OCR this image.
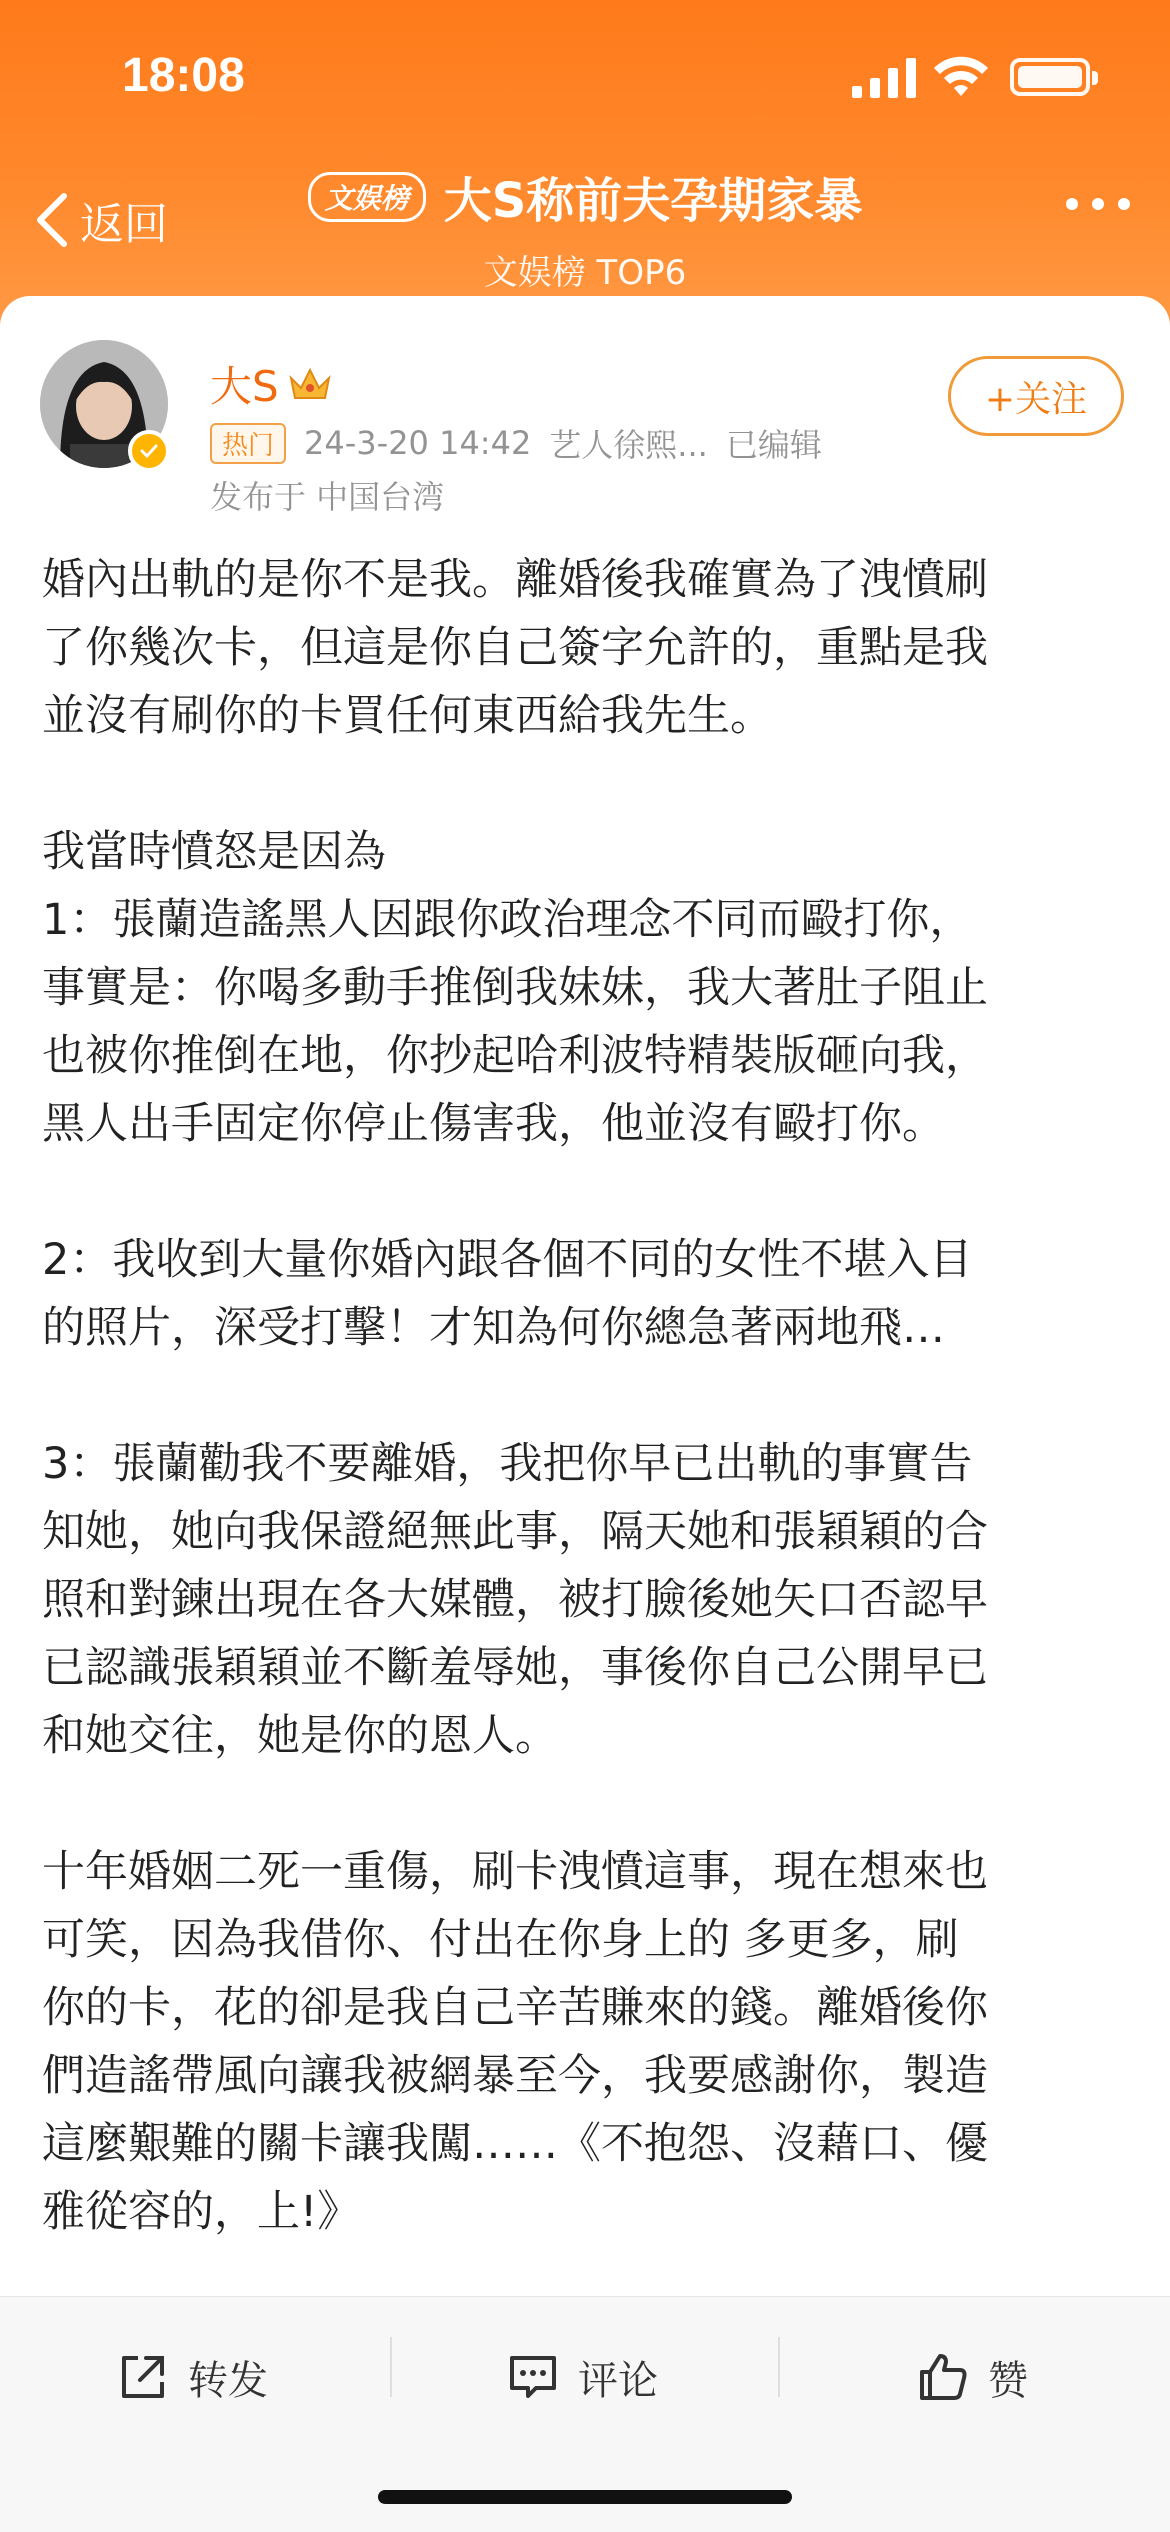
18:08
返回
文娱榜 大S称前夫孕期家暴
文娱榜 TOP6
大S
热门 24-3-20 14:42 艺人徐熙... 已编辑
发布于 中国台湾
+关注
婚內出軌的是你不是我。離婚後我確實為了洩憤刷
了你幾次卡，但這是你自己簽字允許的，重點是我
並沒有刷你的卡買任何東西給我先生。
我當時憤怒是因為
1：張蘭造謠黑人因跟你政治理念不同而毆打你，
事實是：你喝多動手推倒我妹妹，我大著肚子阻止
也被你推倒在地，你抄起哈利波特精裝版砸向我，
黑人出手固定你停止傷害我，他並沒有毆打你。
2：我收到大量你婚內跟各個不同的女性不堪入目
的照片，深受打擊！才知為何你總急著兩地飛…
3：張蘭勸我不要離婚，我把你早已出軌的事實告
知她，她向我保證絕無此事，隔天她和張穎穎的合
照和對鍊出現在各大媒體，被打臉後她矢口否認早
已認識張穎穎並不斷羞辱她，事後你自己公開早已
和她交往，她是你的恩人。
十年婚姻二死一重傷，刷卡洩憤這事，現在想來也
可笑，因為我借你、付出在你身上的 多更多，刷
你的卡，花的卻是我自己辛苦賺來的錢。離婚後你
們造謠帶風向讓我被網暴至今，我要感謝你，製造
這麼艱難的關卡讓我闖……《不抱怨、沒藉口、優
雅從容的，上!》
转发	评论	赞
